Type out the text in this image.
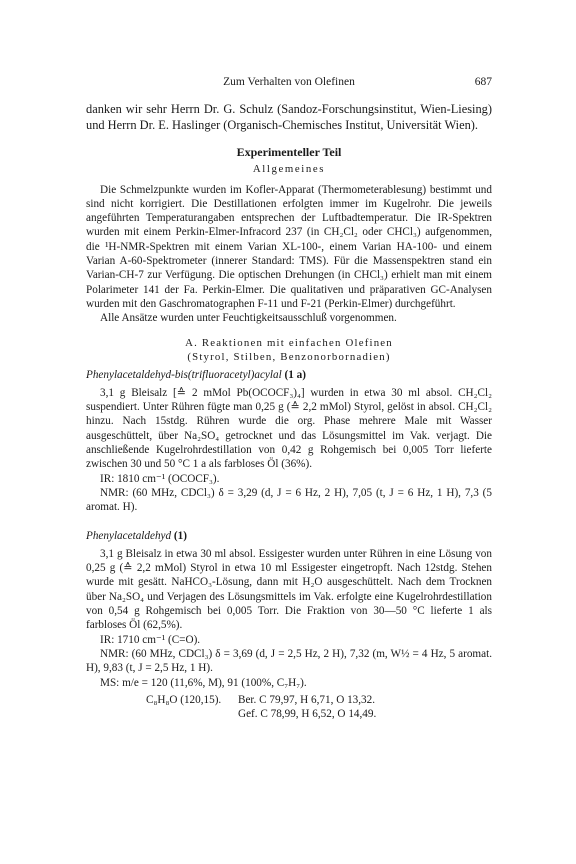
Zum Verhalten von Olefinen	687

danken wir sehr Herrn Dr. G. Schulz (Sandoz-Forschungsinstitut, Wien-Liesing) und Herrn Dr. E. Haslinger (Organisch-Chemisches Institut, Universität Wien).

Experimenteller Teil
Allgemeines

Die Schmelzpunkte wurden im Kofler-Apparat (Thermometerablesung) bestimmt und sind nicht korrigiert. Die Destillationen erfolgten immer im Kugelrohr. Die jeweils angeführten Temperaturangaben entsprechen der Luftbadtemperatur. Die IR-Spektren wurden mit einem Perkin-Elmer-Infracord 237 (in CH₂Cl₂ oder CHCl₃) aufgenommen, die ¹H-NMR-Spektren mit einem Varian XL-100-, einem Varian HA-100- und einem Varian A-60-Spektrometer (innerer Standard: TMS). Für die Massenspektren stand ein Varian-CH-7 zur Verfügung. Die optischen Drehungen (in CHCl₃) erhielt man mit einem Polarimeter 141 der Fa. Perkin-Elmer. Die qualitativen und präparativen GC-Analysen wurden mit den Gaschromatographen F-11 und F-21 (Perkin-Elmer) durchgeführt.

Alle Ansätze wurden unter Feuchtigkeitsausschluß vorgenommen.

A. Reaktionen mit einfachen Olefinen
(Styrol, Stilben, Benzonorbornadien)
Phenylacetaldehyd-bis(trifluoracetyl)acylal (1 a)

3,1 g Bleisalz [≙ 2 mMol Pb(OCOCF₃)₄] wurden in etwa 30 ml absol. CH₂Cl₂ suspendiert. Unter Rühren fügte man 0,25 g (≙ 2,2 mMol) Styrol, gelöst in absol. CH₂Cl₂ hinzu. Nach 15stdg. Rühren wurde die org. Phase mehrere Male mit Wasser ausgeschüttelt, über Na₂SO₄ getrocknet und das Lösungsmittel im Vak. verjagt. Die anschließende Kugelrohrdestillation von 0,42 g Rohgemisch bei 0,005 Torr lieferte zwischen 30 und 50 °C 1 a als farbloses Öl (36%).

IR: 1810 cm⁻¹ (OCOCF₃).

NMR: (60 MHz, CDCl₃) δ = 3,29 (d, J = 6 Hz, 2 H), 7,05 (t, J = 6 Hz, 1 H), 7,3 (5 aromat. H).

Phenylacetaldehyd (1)

3,1 g Bleisalz in etwa 30 ml absol. Essigester wurden unter Rühren in eine Lösung von 0,25 g (≙ 2,2 mMol) Styrol in etwa 10 ml Essigester eingetropft. Nach 12stdg. Stehen wurde mit gesätt. NaHCO₃-Lösung, dann mit H₂O ausgeschüttelt. Nach dem Trocknen über Na₂SO₄ und Verjagen des Lösungsmittels im Vak. erfolgte eine Kugelrohrdestillation von 0,54 g Rohgemisch bei 0,005 Torr. Die Fraktion von 30—50 °C lieferte 1 als farbloses Öl (62,5%).

IR: 1710 cm⁻¹ (C=O).

NMR: (60 MHz, CDCl₃) δ = 3,69 (d, J = 2,5 Hz, 2 H), 7,32 (m, W½ = 4 Hz, 5 aromat. H), 9,83 (t, J = 2,5 Hz, 1 H).

MS: m/e = 120 (11,6%, M), 91 (100%, C₇H₇).

C₈H₈O (120,15).	Ber. C 79,97, H 6,71, O 13,32.
Gef. C 78,99, H 6,52, O 14,49.
